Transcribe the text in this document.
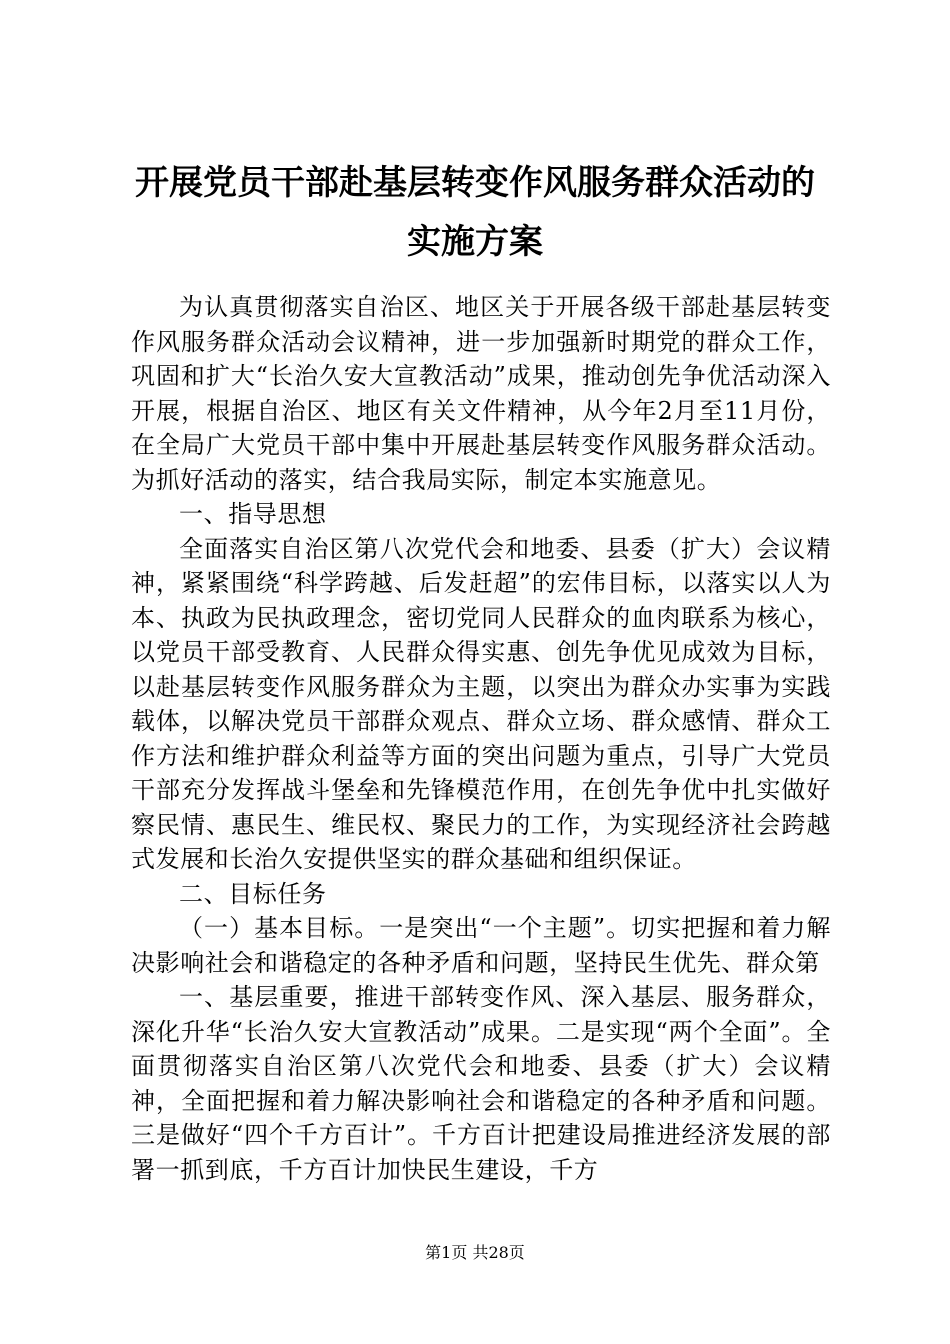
开展党员干部赴基层转变作风服务群众活动的
实施方案

为认真贯彻落实自治区、地区关于开展各级干部赴基层转变作风服务群众活动会议精神，进一步加强新时期党的群众工作，巩固和扩大“长治久安大宣教活动”成果，推动创先争优活动深入开展，根据自治区、地区有关文件精神，从今年2月至11月份，在全局广大党员干部中集中开展赴基层转变作风服务群众活动。为抓好活动的落实，结合我局实际，制定本实施意见。

一、指导思想

全面落实自治区第八次党代会和地委、县委（扩大）会议精神，紧紧围绕“科学跨越、后发赶超”的宏伟目标，以落实以人为本、执政为民执政理念，密切党同人民群众的血肉联系为核心，以党员干部受教育、人民群众得实惠、创先争优见成效为目标，以赴基层转变作风服务群众为主题，以突出为群众办实事为实践载体，以解决党员干部群众观点、群众立场、群众感情、群众工作方法和维护群众利益等方面的突出问题为重点，引导广大党员干部充分发挥战斗堡垒和先锋模范作用，在创先争优中扎实做好察民情、惠民生、维民权、聚民力的工作，为实现经济社会跨越式发展和长治久安提供坚实的群众基础和组织保证。

二、目标任务

（一）基本目标。一是突出“一个主题”。切实把握和着力解决影响社会和谐稳定的各种矛盾和问题，坚持民生优先、群众第

一、基层重要，推进干部转变作风、深入基层、服务群众，深化升华“长治久安大宣教活动”成果。二是实现“两个全面”。全面贯彻落实自治区第八次党代会和地委、县委（扩大）会议精神，全面把握和着力解决影响社会和谐稳定的各种矛盾和问题。三是做好“四个千方百计”。千方百计把建设局推进经济发展的部署一抓到底，千方百计加快民生建设，千方

第1页 共28页
